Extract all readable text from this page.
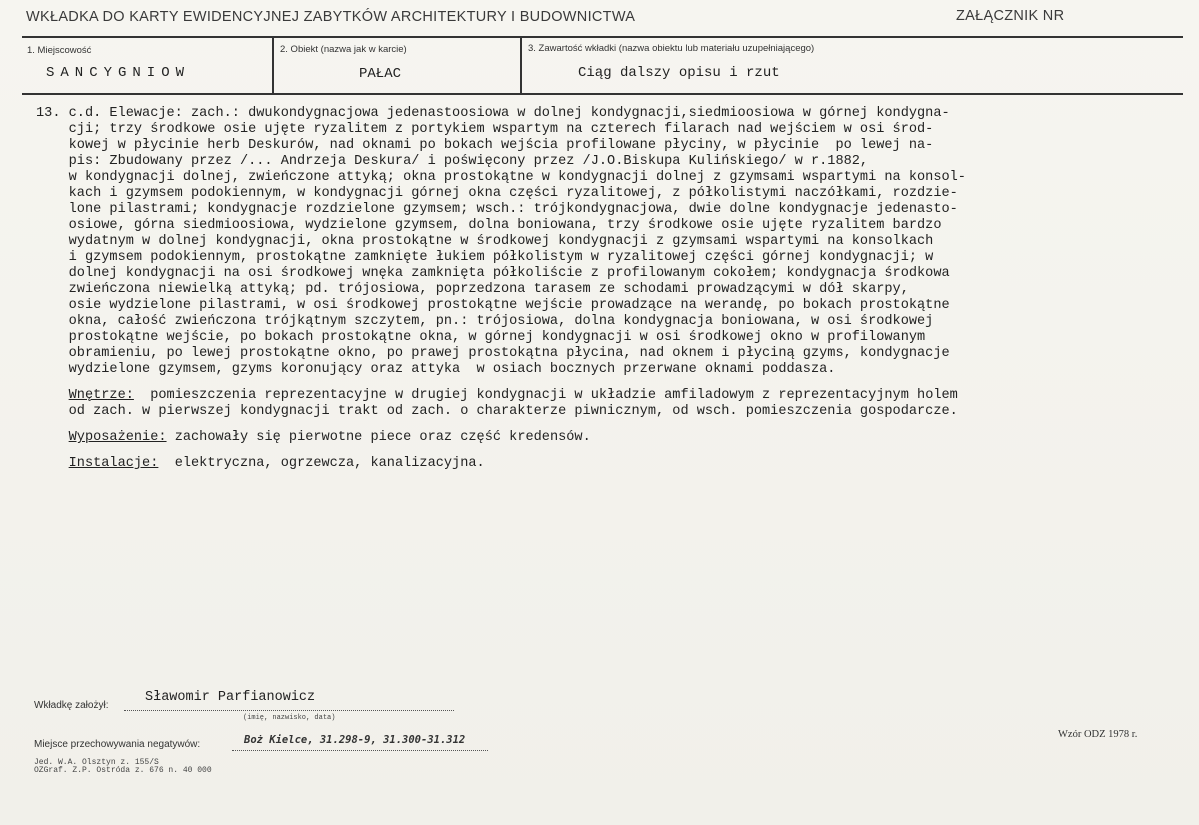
WKŁADKA DO KARTY EWIDENCYJNEJ ZABYTKÓW ARCHITEKTURY I BUDOWNICTWA	ZAŁĄCZNIK NR
1. Miejscowość
SANCYGNIOW
2. Obiekt (nazwa jak w karcie)
PAŁAC
3. Zawartość wkładki (nazwa obiektu lub materiału uzupełniającego)
Ciąg dalszy opisu i rzut
13. c.d. Elewacje: zach.: dwukondygnacjowa jedenastoosiowa w dolnej kondygnacji,siedmioosiowa w górnej kondygna-
cji; trzy środkowe osie ujęte ryzalitem z portykiem wspartym na czterech filarach nad wejściem w osi środ-
kowej w płycinie herb Deskurów, nad oknami po bokach wejścia profilowane płyciny, w płycinie  po lewej na-
pis: Zbudowany przez /... Andrzeja Deskura/ i poświęcony przez /J.O.Biskupa Kulińskiego/ w r.1882,
w kondygnacji dolnej, zwieńczone attyką; okna prostokątne w kondygnacji dolnej z gzymsami wspartymi na konsol-
kach i gzymsem podokiennym, w kondygnacji górnej okna części ryzalitowej, z półkolistymi naczółkami, rozdzie-
lone pilastrami; kondygnacje rozdzielone gzymsem; wsch.: trójkondygnacjowa, dwie dolne kondygnacje jedenasto-
osiowe, górna siedmioosiowa, wydzielone gzymsem, dolna boniowana, trzy środkowe osie ujęte ryzalitem bardzo
wydatnym w dolnej kondygnacji, okna prostokątne w środkowej kondygnacji z gzymsami wspartymi na konsolkach
i gzymsem podokiennym, prostokątne zamknięte łukiem półkolistym w ryzalitowej części górnej kondygnacji; w
dolnej kondygnacji na osi środkowej wnęka zamknięta półkoliście z profilowanym cokołem; kondygnacja środkowa
zwieńczona niewielką attyką; pd. trójosiowa, poprzedzona tarasem ze schodami prowadzącymi w dół skarpy,
osie wydzielone pilastrami, w osi środkowej prostokątne wejście prowadzące na werandę, po bokach prostokątne
okna, całość zwieńczona trójkątnym szczytem, pn.: trójosiowa, dolna kondygnacja boniowana, w osi środkowej
prostokątne wejście, po bokach prostokątne okna, w górnej kondygnacji w osi środkowej okno w profilowanym
obramieniu, po lewej prostokątne okno, po prawej prostokątna płycina, nad oknem i płyciną gzyms, kondygnacje
wydzielone gzymsem, gzyms koronujący oraz attyka  w osiach bocznych przerwane oknami poddasza.
Wnętrze:  pomieszczenia reprezentacyjne w drugiej kondygnacji w układzie amfiladowym z reprezentacyjnym holem
od zach. w pierwszej kondygnacji trakt od zach. o charakterze piwnicznym, od wsch. pomieszczenia gospodarcze.
Wyposażenie: zachowały się pierwotne piece oraz część kredensów.
Instalacje:  elektryczna, ogrzewcza, kanalizacyjna.
Wkładkę założył:
Sławomir Parfianowicz
(imię, nazwisko, data)
Miejsce przechowywania negatywów:	Boż Kielce, 31.298-9, 31.300-31.312	Wzór ODZ 1978 r.
Jed. W.A. Olsztyn z. 155/S
OZGraf. Z.P. Ostróda z. 676 n. 40 000
